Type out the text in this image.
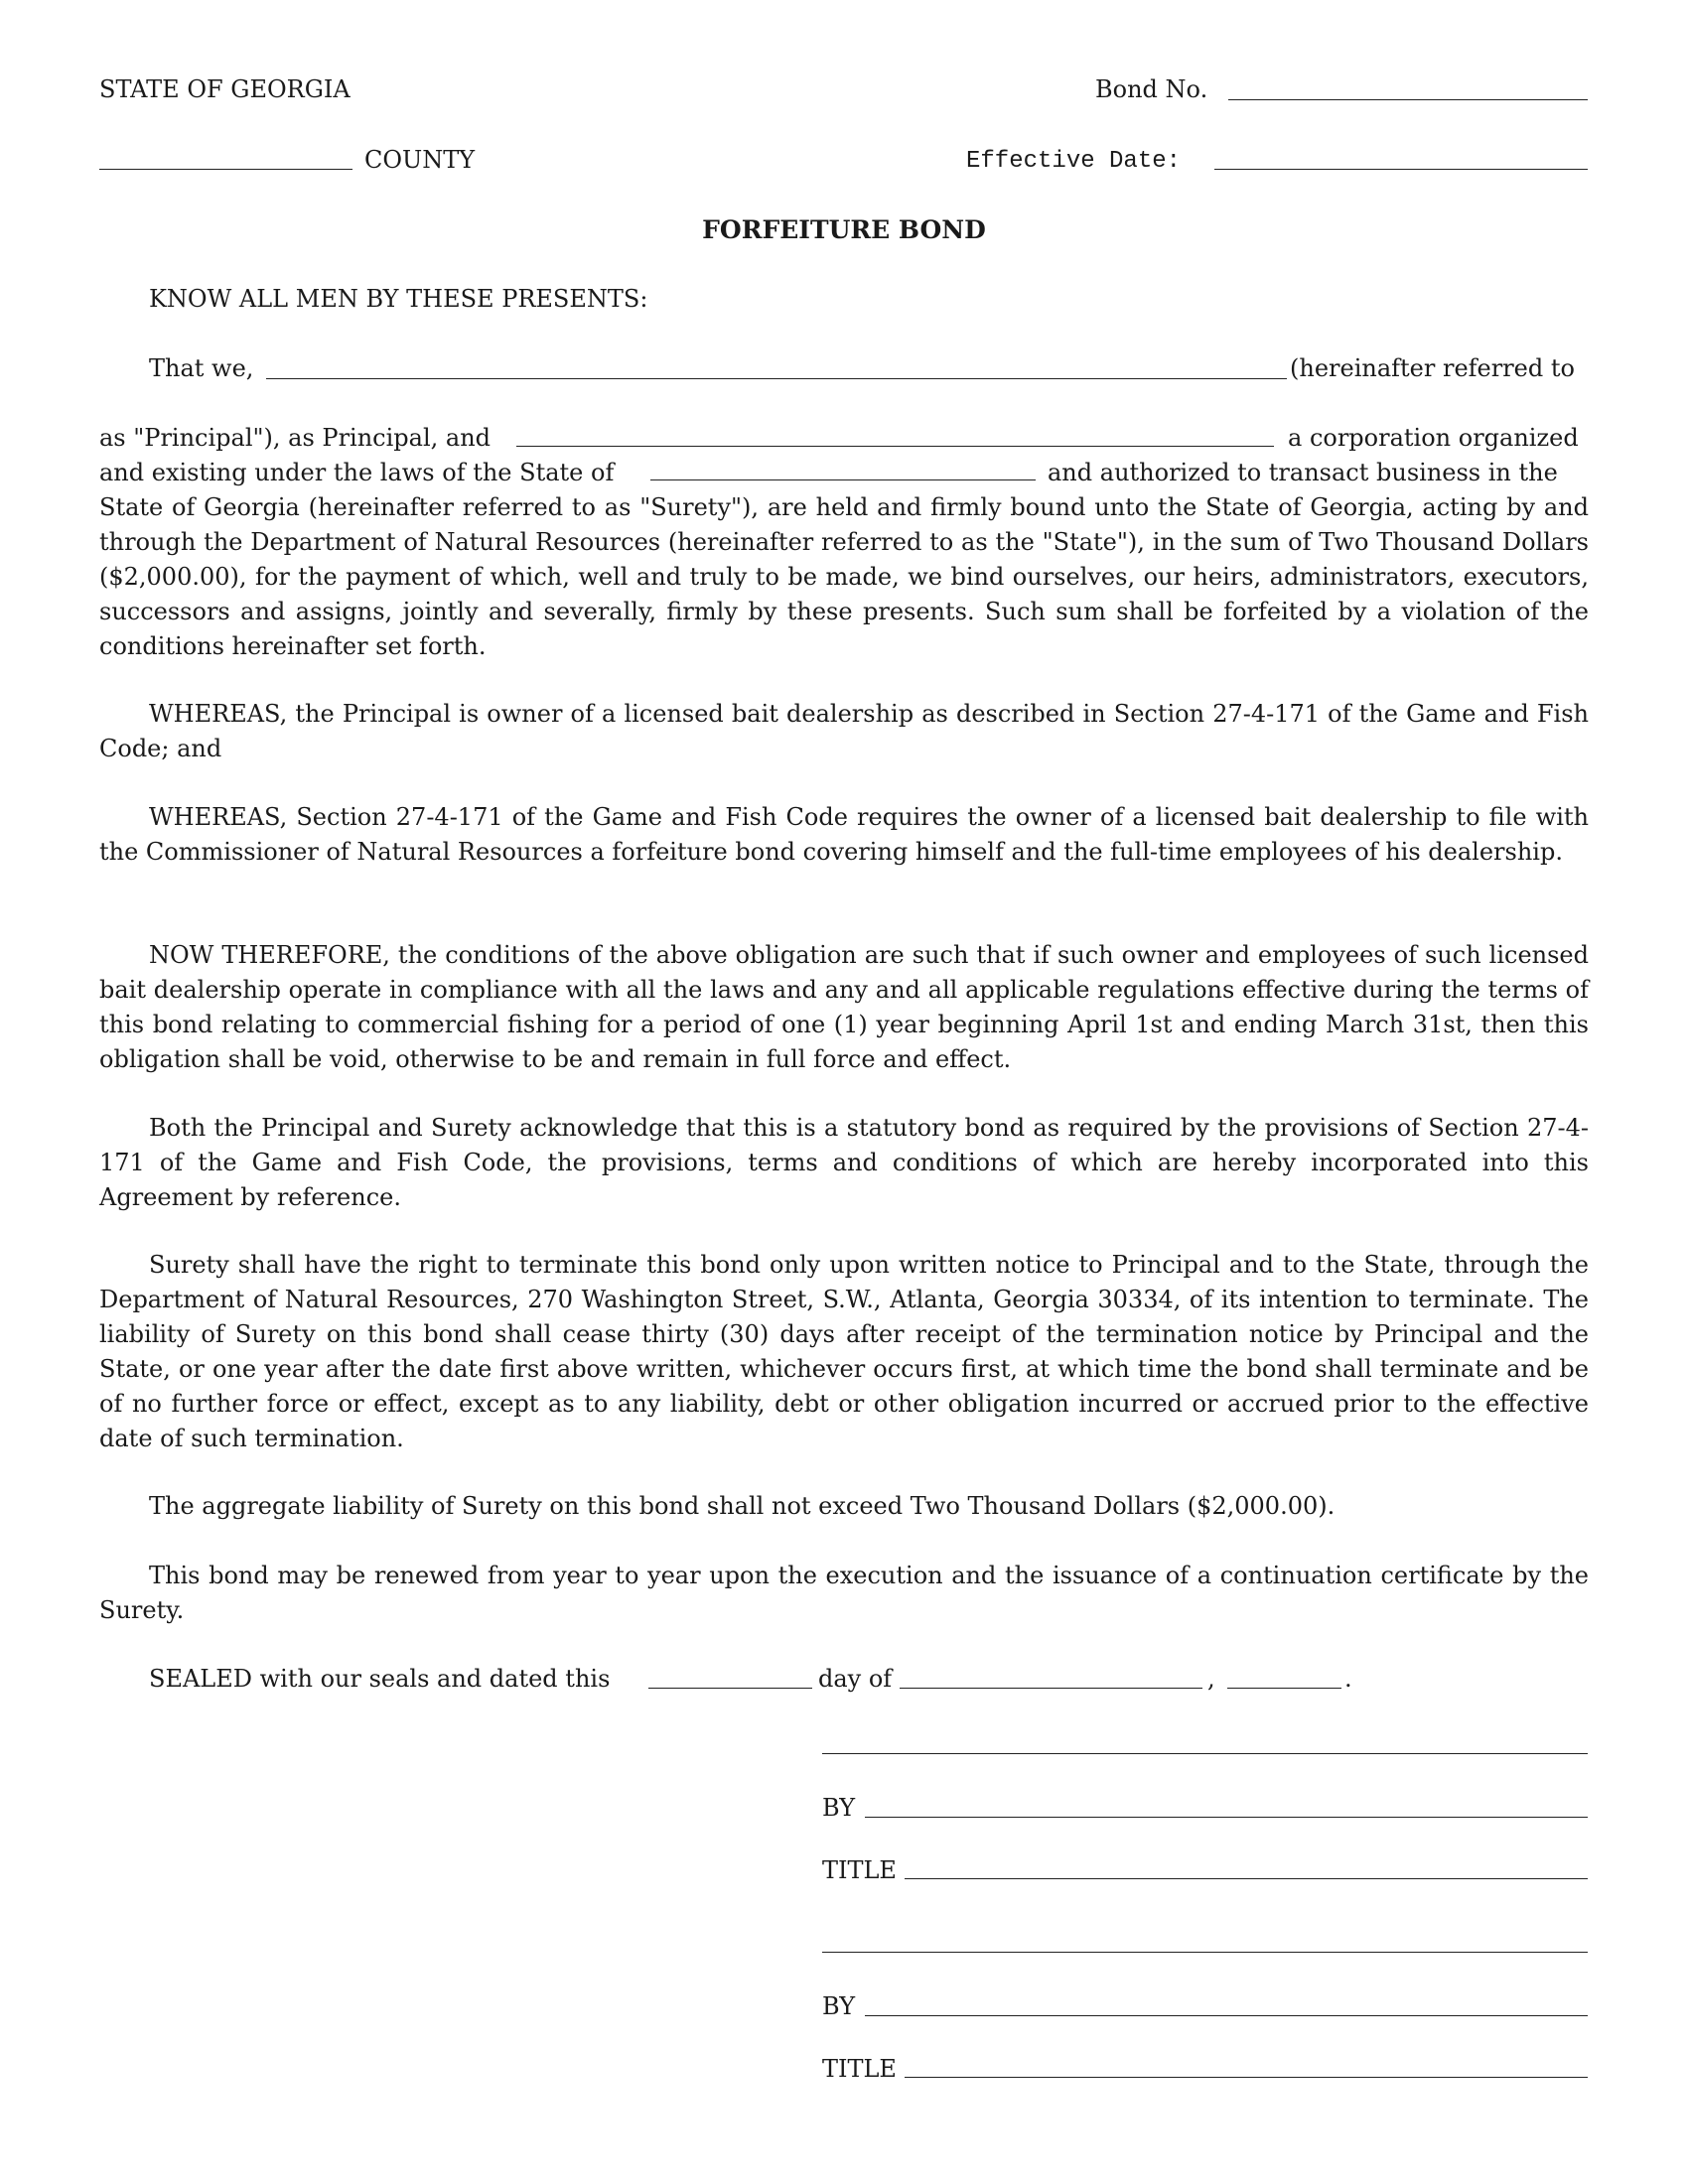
STATE OF GEORGIA	Bond No.
COUNTY	Effective Date:
FORFEITURE BOND
KNOW ALL MEN BY THESE PRESENTS:
That we,	(hereinafter referred to
as "Principal"), as Principal, and	a corporation organized
and existing under the laws of the State of	and authorized to transact business in the

State of Georgia (hereinafter referred to as "Surety"), are held and firmly bound unto the State of Georgia, acting by and through the Department of Natural Resources (hereinafter referred to as the "State"), in the sum of Two Thousand Dollars ($2,000.00), for the payment of which, well and truly to be made, we bind ourselves, our heirs, administrators, executors, successors and assigns, jointly and severally, firmly by these presents. Such sum shall be forfeited by a violation of the conditions hereinafter set forth.

WHEREAS, the Principal is owner of a licensed bait dealership as described in Section 27-4-171 of the Game and Fish Code; and

WHEREAS, Section 27-4-171 of the Game and Fish Code requires the owner of a licensed bait dealership to file with the Commissioner of Natural Resources a forfeiture bond covering himself and the full-time employees of his dealership.

NOW THEREFORE, the conditions of the above obligation are such that if such owner and employees of such licensed bait dealership operate in compliance with all the laws and any and all applicable regulations effective during the terms of this bond relating to commercial fishing for a period of one (1) year beginning April 1st and ending March 31st, then this obligation shall be void, otherwise to be and remain in full force and effect.

Both the Principal and Surety acknowledge that this is a statutory bond as required by the provisions of Section 27-4-171 of the Game and Fish Code, the provisions, terms and conditions of which are hereby incorporated into this Agreement by reference.

Surety shall have the right to terminate this bond only upon written notice to Principal and to the State, through the Department of Natural Resources, 270 Washington Street, S.W., Atlanta, Georgia 30334, of its intention to terminate. The liability of Surety on this bond shall cease thirty (30) days after receipt of the termination notice by Principal and the State, or one year after the date first above written, whichever occurs first, at which time the bond shall terminate and be of no further force or effect, except as to any liability, debt or other obligation incurred or accrued prior to the effective date of such termination.

The aggregate liability of Surety on this bond shall not exceed Two Thousand Dollars ($2,000.00).

This bond may be renewed from year to year upon the execution and the issuance of a continuation certificate by the Surety.

SEALED with our seals and dated this	day of	,	.
BY
TITLE
BY
TITLE
